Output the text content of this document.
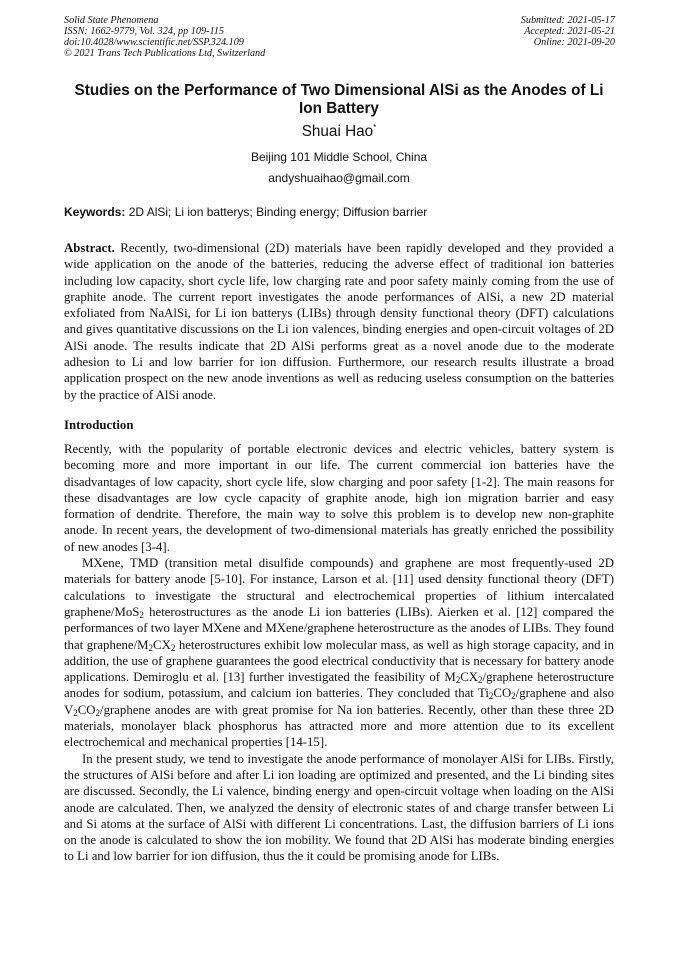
Solid State Phenomena
ISSN: 1662-9779, Vol. 324, pp 109-115
doi:10.4028/www.scientific.net/SSP.324.109
© 2021 Trans Tech Publications Ltd, Switzerland
Submitted: 2021-05-17
Accepted: 2021-05-21
Online: 2021-09-20
Studies on the Performance of Two Dimensional AlSi as the Anodes of Li Ion Battery
Shuai Hao*
Beijing 101 Middle School, China
andyshuaihao@gmail.com
Keywords: 2D AlSi; Li ion batterys; Binding energy; Diffusion barrier

Abstract. Recently, two-dimensional (2D) materials have been rapidly developed and they provided a wide application on the anode of the batteries, reducing the adverse effect of traditional ion batteries including low capacity, short cycle life, low charging rate and poor safety mainly coming from the use of graphite anode. The current report investigates the anode performances of AlSi, a new 2D material exfoliated from NaAlSi, for Li ion batterys (LIBs) through density functional theory (DFT) calculations and gives quantitative discussions on the Li ion valences, binding energies and open-circuit voltages of 2D AlSi anode. The results indicate that 2D AlSi performs great as a novel anode due to the moderate adhesion to Li and low barrier for ion diffusion. Furthermore, our research results illustrate a broad application prospect on the new anode inventions as well as reducing useless consumption on the batteries by the practice of AlSi anode.

Introduction

Recently, with the popularity of portable electronic devices and electric vehicles, battery system is becoming more and more important in our life. The current commercial ion batteries have the disadvantages of low capacity, short cycle life, slow charging and poor safety [1-2]. The main reasons for these disadvantages are low cycle capacity of graphite anode, high ion migration barrier and easy formation of dendrite. Therefore, the main way to solve this problem is to develop new non-graphite anode. In recent years, the development of two-dimensional materials has greatly enriched the possibility of new anodes [3-4].

MXene, TMD (transition metal disulfide compounds) and graphene are most frequently-used 2D materials for battery anode [5-10]. For instance, Larson et al. [11] used density functional theory (DFT) calculations to investigate the structural and electrochemical properties of lithium intercalated graphene/MoS$_2$ heterostructures as the anode Li ion batteries (LIBs). Aierken et al. [12] compared the performances of two layer MXene and MXene/graphene heterostructure as the anodes of LIBs. They found that graphene/$M_2CX_2$ heterostructures exhibit low molecular mass, as well as high storage capacity, and in addition, the use of graphene guarantees the good electrical conductivity that is necessary for battery anode applications. Demiroglu et al. [13] further investigated the feasibility of $M_2CX_2$/graphene heterostructure anodes for sodium, potassium, and calcium ion batteries. They concluded that $Ti_2CO_2$/graphene and also $V_2CO_2$/graphene anodes are with great promise for Na ion batteries. Recently, other than these three 2D materials, monolayer black phosphorus has attracted more and more attention due to its excellent electrochemical and mechanical properties [14-15].

In the present study, we tend to investigate the anode performance of monolayer AlSi for LIBs. Firstly, the structures of AlSi before and after Li ion loading are optimized and presented, and the Li binding sites are discussed. Secondly, the Li valence, binding energy and open-circuit voltage when loading on the AlSi anode are calculated. Then, we analyzed the density of electronic states of and charge transfer between Li and Si atoms at the surface of AlSi with different Li concentrations. Last, the diffusion barriers of Li ions on the anode is calculated to show the ion mobility. We found that 2D AlSi has moderate binding energies to Li and low barrier for ion diffusion, thus the it could be promising anode for LIBs.
